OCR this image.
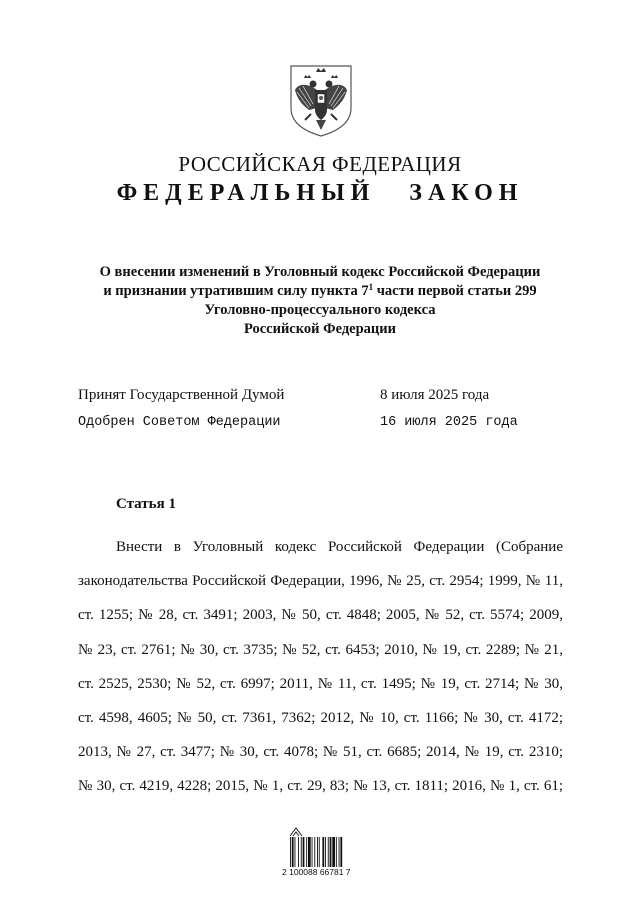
РОССИЙСКАЯ ФЕДЕРАЦИЯ
ФЕДЕРАЛЬНЫЙ ЗАКОН
О внесении изменений в Уголовный кодекс Российской Федерации
и признании утратившим силу пункта $7^1$ части первой статьи 299
Уголовно-процессуального кодекса
Российской Федерации
Принят Государственной Думой	8 июля 2025 года
Одобрен Советом Федерации	16 июля 2025 года
Статья 1
Внести в Уголовный кодекс Российской Федерации (Собрание
законодательства Российской Федерации, 1996, № 25, ст. 2954; 1999, № 11,
ст. 1255; № 28, ст. 3491; 2003, № 50, ст. 4848; 2005, № 52, ст. 5574; 2009,
№ 23, ст. 2761; № 30, ст. 3735; № 52, ст. 6453; 2010, № 19, ст. 2289; № 21,
ст. 2525, 2530; № 52, ст. 6997; 2011, № 11, ст. 1495; № 19, ст. 2714; № 30,
ст. 4598, 4605; № 50, ст. 7361, 7362; 2012, № 10, ст. 1166; № 30, ст. 4172;
2013, № 27, ст. 3477; № 30, ст. 4078; № 51, ст. 6685; 2014, № 19, ст. 2310;
№ 30, ст. 4219, 4228; 2015, № 1, ст. 29, 83; № 13, ст. 1811; 2016, № 1, ст. 61;
2 100088 66781 7
